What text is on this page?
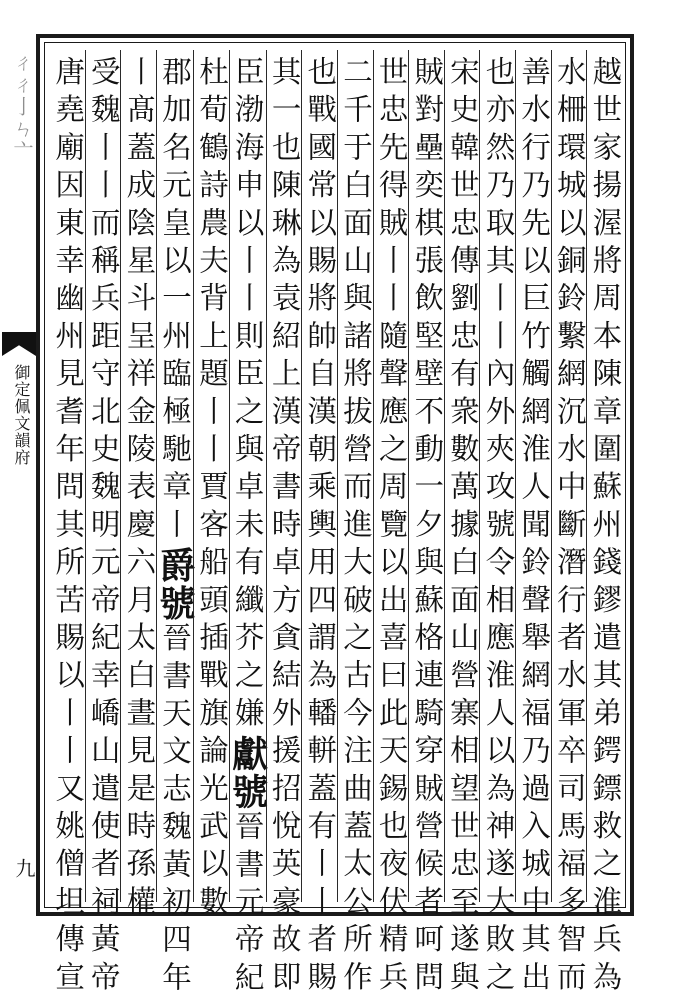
ㄔㄔ亅ㄣ亠
御定佩文韻府
九	越世家揚渥將周本陳章圍蘇州錢鏐遣其弟鍔鏢救之淮兵為
水柵環城以銅鈴繫網沉水中斷潛行者水軍卒司馬福多智而
善水行乃先以巨竹觸網淮人聞鈴聲舉網福乃過入城中其出
也亦然乃取其丨丨內外夾攻號令相應淮人以為神遂大敗之
宋史韓世忠傳劉忠有衆數萬據白面山營寨相望世忠至遂與
賊對壘奕棋張飲堅壁不動一夕與蘇格連騎穿賊營候者呵問
世忠先得賊丨丨隨聲應之周覽以出喜曰此天錫也夜伏精兵
二千于白面山與諸將拔營而進大破之古今注曲蓋太公所作
也戰國常以賜將帥自漢朝乘輿用四謂為轓軿蓋有丨丨者賜
其一也陳琳為袁紹上漢帝書時卓方貪結外援招悅英豪故即
臣渤海申以丨丨則臣之與卓未有纖芥之嫌獻號晉書元帝紀
杜荀鶴詩農夫背上題丨丨賈客船頭插戰旗論光武以數
郡加名元皇以一州臨極馳章丨爵號晉書天文志魏黃初四年
丨髙蓋成陰星斗呈祥金陵表慶六月太白晝見是時孫權
受魏丨丨而稱兵距守北史魏明元帝紀幸嶠山遣使者祠黃帝
唐堯廟因東幸幽州見耆年問其所苦賜以丨丨又姚僧坦傳宣
